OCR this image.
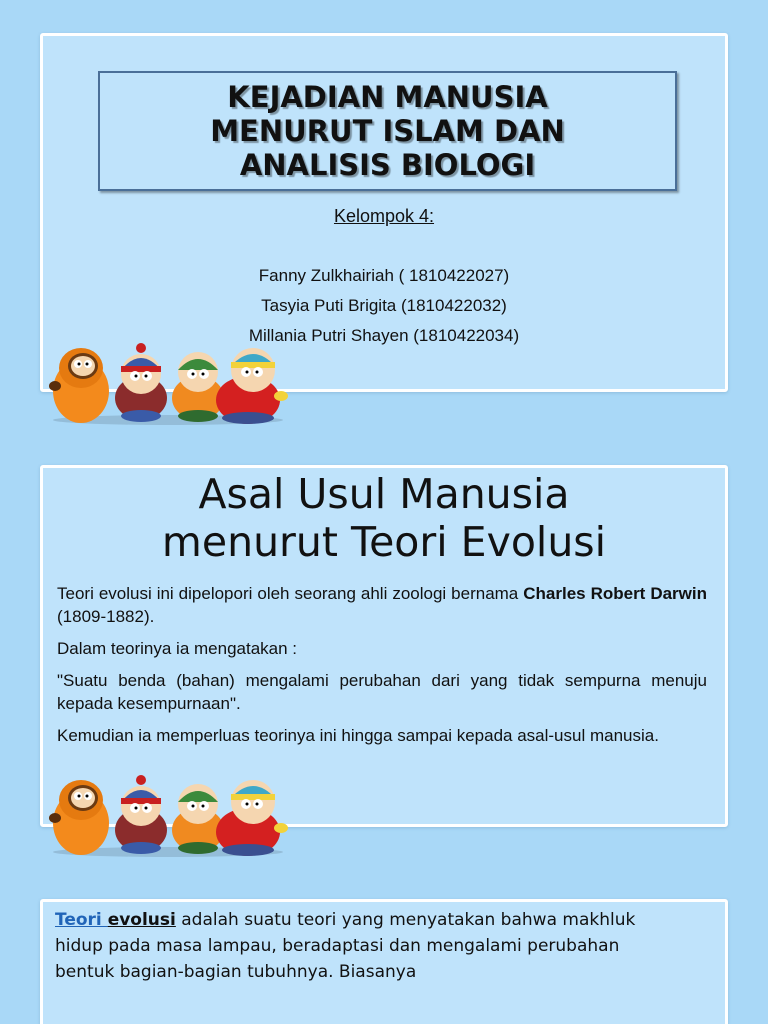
KEJADIAN MANUSIA
MENURUT ISLAM DAN
ANALISIS BIOLOGI
Kelompok 4:
Fanny Zulkhairiah ( 1810422027)
Tasyia Puti Brigita (1810422032)
Millania Putri Shayen (1810422034)
Asal Usul Manusia
menurut Teori Evolusi

Teori evolusi ini dipelopori oleh seorang ahli zoologi bernama Charles Robert Darwin (1809-1882).

Dalam teorinya ia mengatakan :

"Suatu benda (bahan) mengalami perubahan dari yang tidak sempurna menuju kepada kesempurnaan".

Kemudian ia memperluas teorinya ini hingga sampai kepada asal-usul manusia.

Teori evolusi adalah suatu teori yang menyatakan bahwa makhluk hidup pada masa lampau, beradaptasi dan mengalami perubahan bentuk bagian-bagian tubuhnya. Biasanya
